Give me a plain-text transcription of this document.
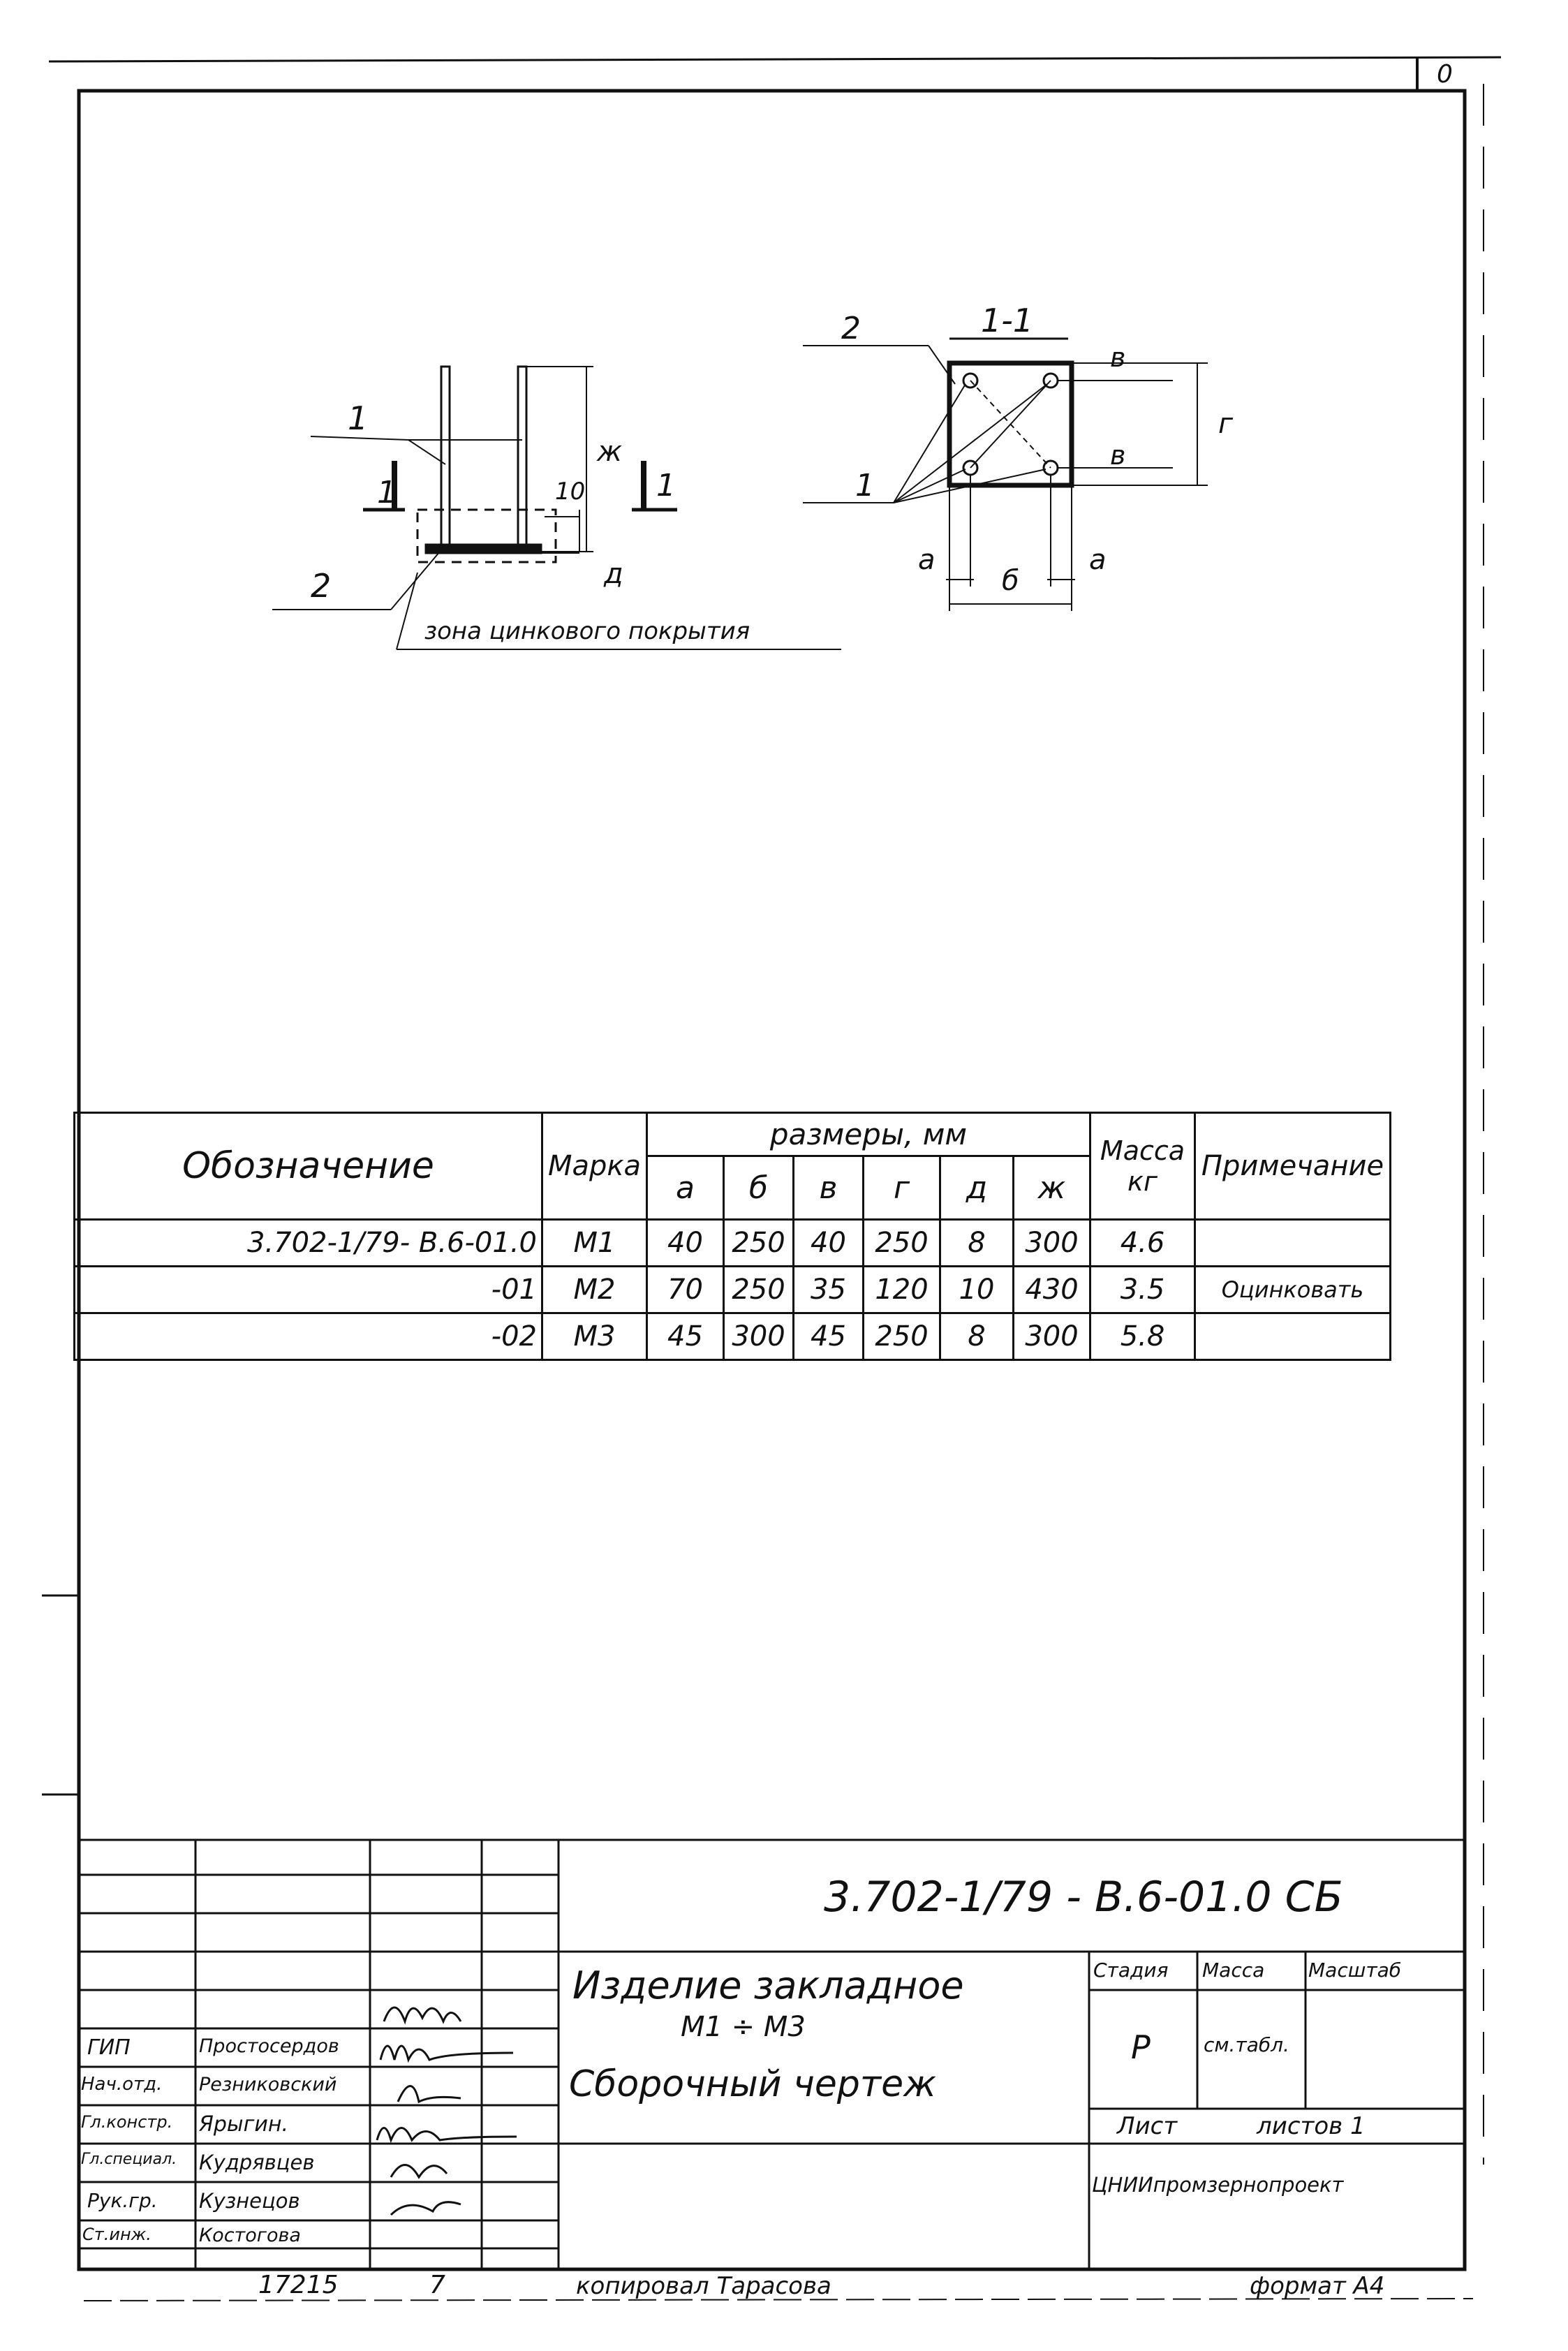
0
1
2
1	1
ж
10
д
зона цинкового покрытия
1-1
2
1
а	а
б
г
в
в
Обозначение	Марка	размеры, мм						Масса кг	Примечание
		а	б	в	г	д	ж		
3.702-1/79- В.6-01.0	М1	40	250	40	250	8	300	4.6	
-01	М2	70	250	35	120	10	430	3.5	Оцинковать
-02	М3	45	300	45	250	8	300	5.8	
3.702-1/79 - В.6-01.0 СБ
Изделие закладное
М1 ÷ М3
Сборочный чертеж
Стадия Масса Масштаб
Р	см.табл.
Лист	листов 1
ЦНИИпромзернопроект
ГИП	Простосердов
Нач.отд. Резниковский
Гл.констр. Ярыгин.
Гл.специал. Кудрявцев
Рук.гр. Кузнецов
Ст.инж.	Костогова
17215	7	копировал Тарасова	формат А4
